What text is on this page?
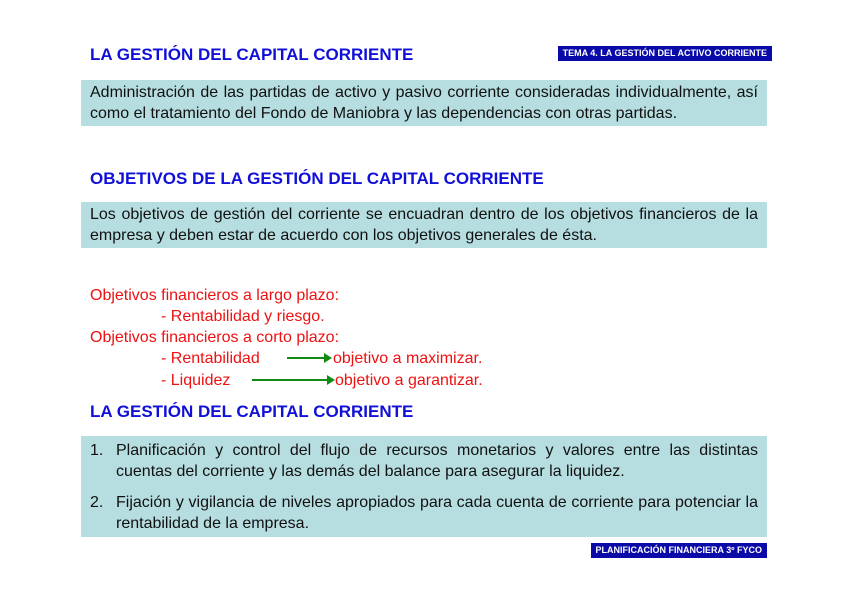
LA GESTIÓN DEL CAPITAL CORRIENTE	TEMA 4. LA GESTIÓN DEL ACTIVO CORRIENTE
Administración de las partidas de activo y pasivo corriente consideradas individualmente, así como el tratamiento del Fondo de Maniobra y las dependencias con otras partidas.
OBJETIVOS DE LA GESTIÓN DEL CAPITAL CORRIENTE
Los objetivos de gestión del corriente se encuadran dentro de los objetivos financieros de la empresa y deben estar de acuerdo con los objetivos generales de ésta.
Objetivos financieros a largo plazo:
- Rentabilidad y riesgo.
Objetivos financieros a corto plazo:
- Rentabilidad	objetivo a maximizar.
- Liquidez	objetivo a garantizar.
LA GESTIÓN DEL CAPITAL CORRIENTE
1. Planificación y control del flujo de recursos monetarios y valores entre las distintas cuentas del corriente y las demás del balance para asegurar la liquidez.
2. Fijación y vigilancia de niveles apropiados para cada cuenta de corriente para potenciar la rentabilidad de la empresa.
PLANIFICACIÓN FINANCIERA 3º FYCO
